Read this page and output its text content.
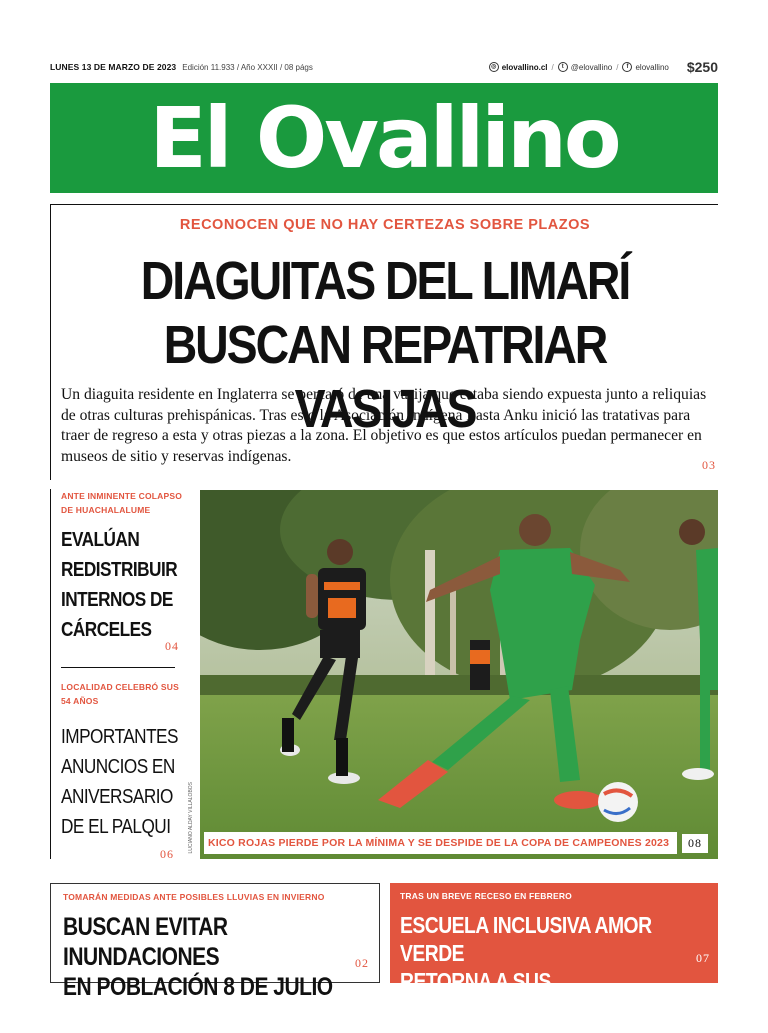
LUNES 13 DE MARZO DE 2023 Edición 11.933 / Año XXXII / 08 págs	◎ elovallino.cl /	t @elovallino /	f elovallino $250
El Ovallino
RECONOCEN QUE NO HAY CERTEZAS SOBRE PLAZOS
DIAGUITAS DEL LIMARÍ
BUSCAN REPATRIAR VASIJAS

Un diaguita residente en Inglaterra se percató de una vasija que estaba siendo expuesta junto a reliquias de otras culturas prehispánicas. Tras esto la Asociación Indígena Lasta Anku inició las tratativas para traer de regreso a esta y otras piezas a la zona. El objetivo es que estos artículos puedan permanecer en museos de sitio y reservas indígenas.

03
ANTE INMINENTE COLAPSO DE HUACHALALUME
EVALÚAN REDISTRIBUIR INTERNOS DE CÁRCELES
04
LOCALIDAD CELEBRÓ SUS 54 AÑOS
IMPORTANTES ANUNCIOS EN ANIVERSARIO DE EL PALQUI
06
LUCIANO ALDAY VILLALOBOS	KICO ROJAS PIERDE POR LA MÍNIMA Y SE DESPIDE DE LA COPA DE CAMPEONES 2023	08
TOMARÁN MEDIDAS ANTE POSIBLES LLUVIAS EN INVIERNO
BUSCAN EVITAR INUNDACIONES
EN POBLACIÓN 8 DE JULIO
02
TRAS UN BREVE RECESO EN FEBRERO
ESCUELA INCLUSIVA AMOR VERDE
RETORNA A SUS ENTRENAMIENTOS
07
